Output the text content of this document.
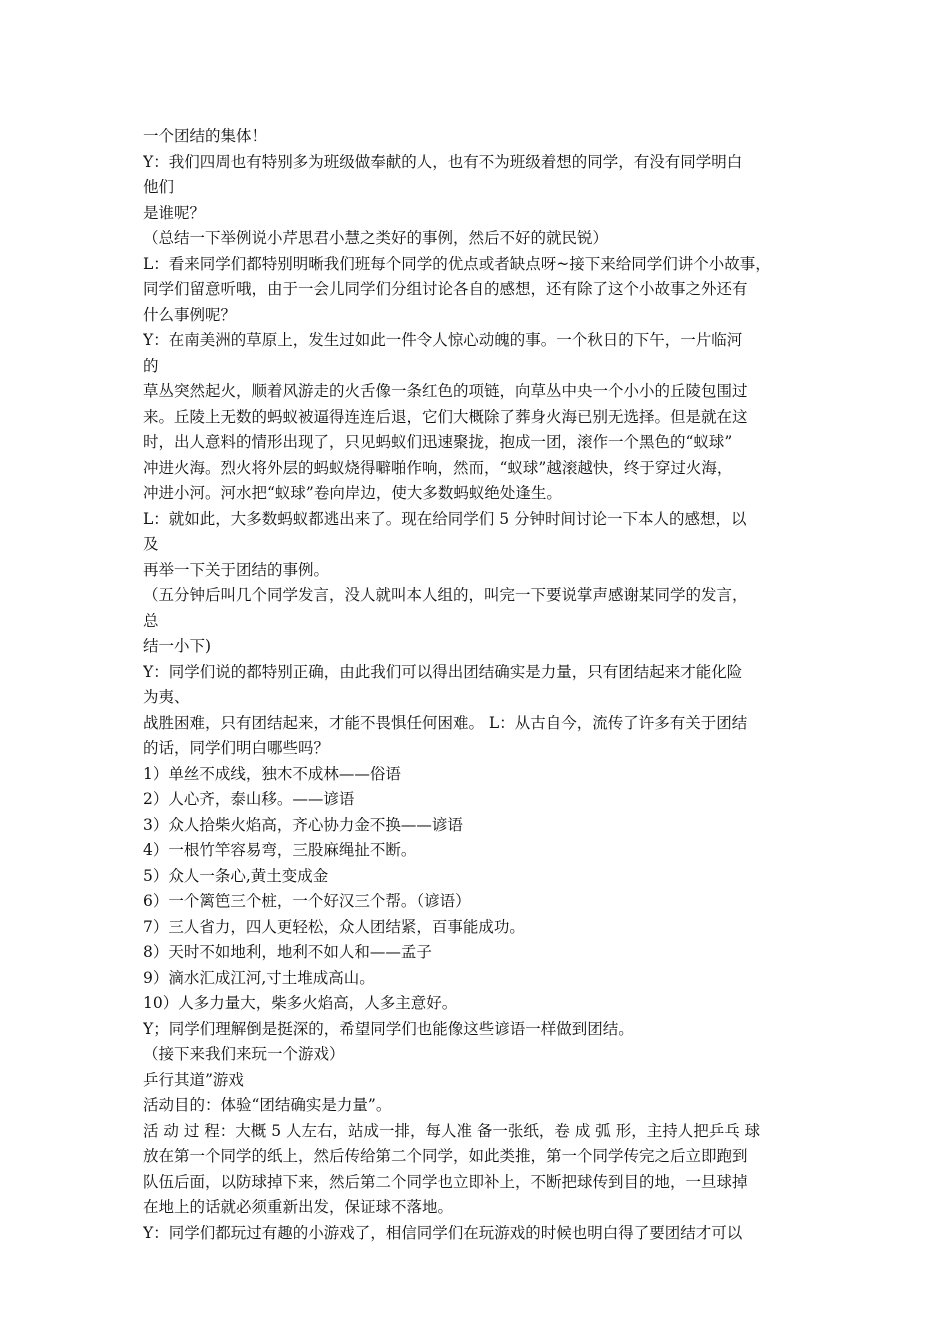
一个团结的集体！
Y：我们四周也有特别多为班级做奉献的人，也有不为班级着想的同学，有没有同学明白
他们
是谁呢？
（总结一下举例说小芹思君小慧之类好的事例，然后不好的就民锐）
L：看来同学们都特别明晰我们班每个同学的优点或者缺点呀~接下来给同学们讲个小故事，
同学们留意听哦，由于一会儿同学们分组讨论各自的感想，还有除了这个小故事之外还有
什么事例呢？
Y：在南美洲的草原上，发生过如此一件令人惊心动魄的事。一个秋日的下午，一片临河
的
草丛突然起火，顺着风游走的火舌像一条红色的项链，向草丛中央一个小小的丘陵包围过
来。丘陵上无数的蚂蚁被逼得连连后退，它们大概除了葬身火海已别无选择。但是就在这
时，出人意料的情形出现了，只见蚂蚁们迅速聚拢，抱成一团，滚作一个黑色的“蚁球”
冲进火海。烈火将外层的蚂蚁烧得噼啪作响，然而，“蚁球”越滚越快，终于穿过火海，
冲进小河。河水把“蚁球”卷向岸边，使大多数蚂蚁绝处逢生。
L：就如此，大多数蚂蚁都逃出来了。现在给同学们 5 分钟时间讨论一下本人的感想，以
及
再举一下关于团结的事例。
（五分钟后叫几个同学发言，没人就叫本人组的，叫完一下要说掌声感谢某同学的发言，
总
结一小下)
Y：同学们说的都特别正确，由此我们可以得出团结确实是力量，只有团结起来才能化险
为夷、
战胜困难，只有团结起来，才能不畏惧任何困难。 L：从古自今，流传了许多有关于团结
的话，同学们明白哪些吗？
1）单丝不成线，独木不成林——俗语
2）人心齐，泰山移。——谚语
3）众人拾柴火焰高，齐心协力金不换——谚语
4）一根竹竿容易弯，三股麻绳扯不断。
5）众人一条心,黄土变成金
6）一个篱笆三个桩，一个好汉三个帮。（谚语）
7）三人省力，四人更轻松，众人团结紧，百事能成功。
8）天时不如地利，地利不如人和——孟子
9）滴水汇成江河,寸土堆成高山。
10）人多力量大，柴多火焰高，人多主意好。
Y；同学们理解倒是挺深的，希望同学们也能像这些谚语一样做到团结。
（接下来我们来玩一个游戏）
乒行其道”游戏
活动目的：体验“团结确实是力量”。
活 动 过 程：大概 5 人左右，站成一排，每人准 备一张纸，卷 成 弧 形，主持人把乒乓 球
放在第一个同学的纸上，然后传给第二个同学，如此类推，第一个同学传完之后立即跑到
队伍后面，以防球掉下来，然后第二个同学也立即补上，不断把球传到目的地，一旦球掉
在地上的话就必须重新出发，保证球不落地。
Y：同学们都玩过有趣的小游戏了，相信同学们在玩游戏的时候也明白得了要团结才可以
